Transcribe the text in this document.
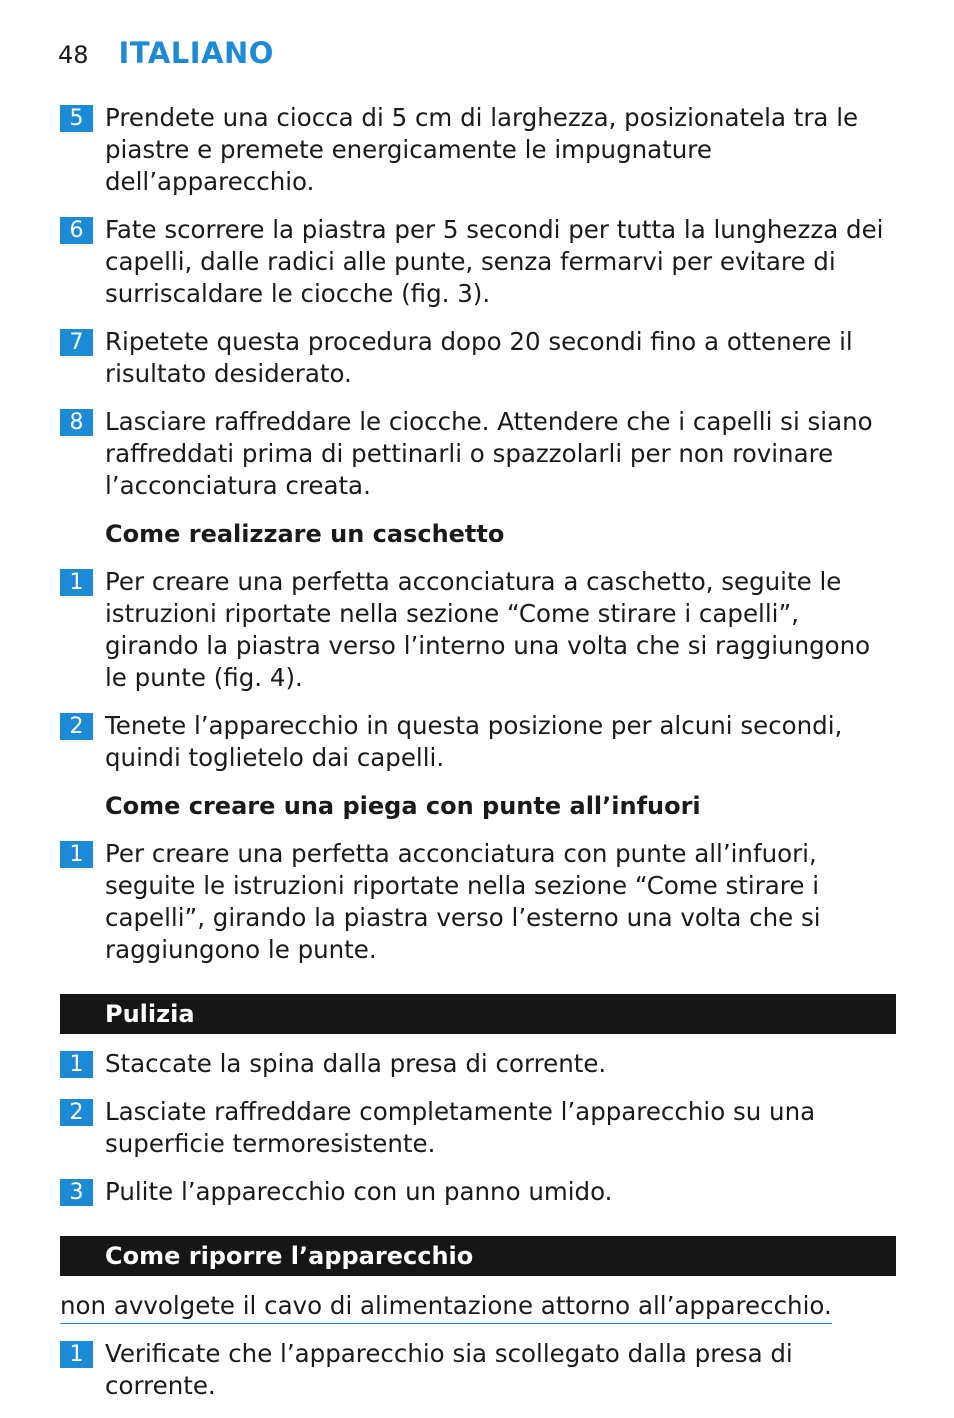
48 ITALIANO
5 Prendete una ciocca di 5 cm di larghezza, posizionatela tra le piastre e premete energicamente le impugnature dell’apparecchio.
6 Fate scorrere la piastra per 5 secondi per tutta la lunghezza dei capelli, dalle radici alle punte, senza fermarvi per evitare di surriscaldare le ciocche (fig. 3).
7 Ripetete questa procedura dopo 20 secondi fino a ottenere il risultato desiderato.
8 Lasciare raffreddare le ciocche. Attendere che i capelli si siano raffreddati prima di pettinarli o spazzolarli per non rovinare l’acconciatura creata.
Come realizzare un caschetto
1 Per creare una perfetta acconciatura a caschetto, seguite le istruzioni riportate nella sezione “Come stirare i capelli”, girando la piastra verso l’interno una volta che si raggiungono le punte (fig. 4).
2 Tenete l’apparecchio in questa posizione per alcuni secondi, quindi toglietelo dai capelli.
Come creare una piega con punte all’infuori
1 Per creare una perfetta acconciatura con punte all’infuori, seguite le istruzioni riportate nella sezione “Come stirare i capelli”, girando la piastra verso l’esterno una volta che si raggiungono le punte.
Pulizia
1 Staccate la spina dalla presa di corrente.
2 Lasciate raffreddare completamente l’apparecchio su una superficie termoresistente.
3 Pulite l’apparecchio con un panno umido.
Come riporre l’apparecchio
non avvolgete il cavo di alimentazione attorno all’apparecchio.
1 Verificate che l’apparecchio sia scollegato dalla presa di corrente.
